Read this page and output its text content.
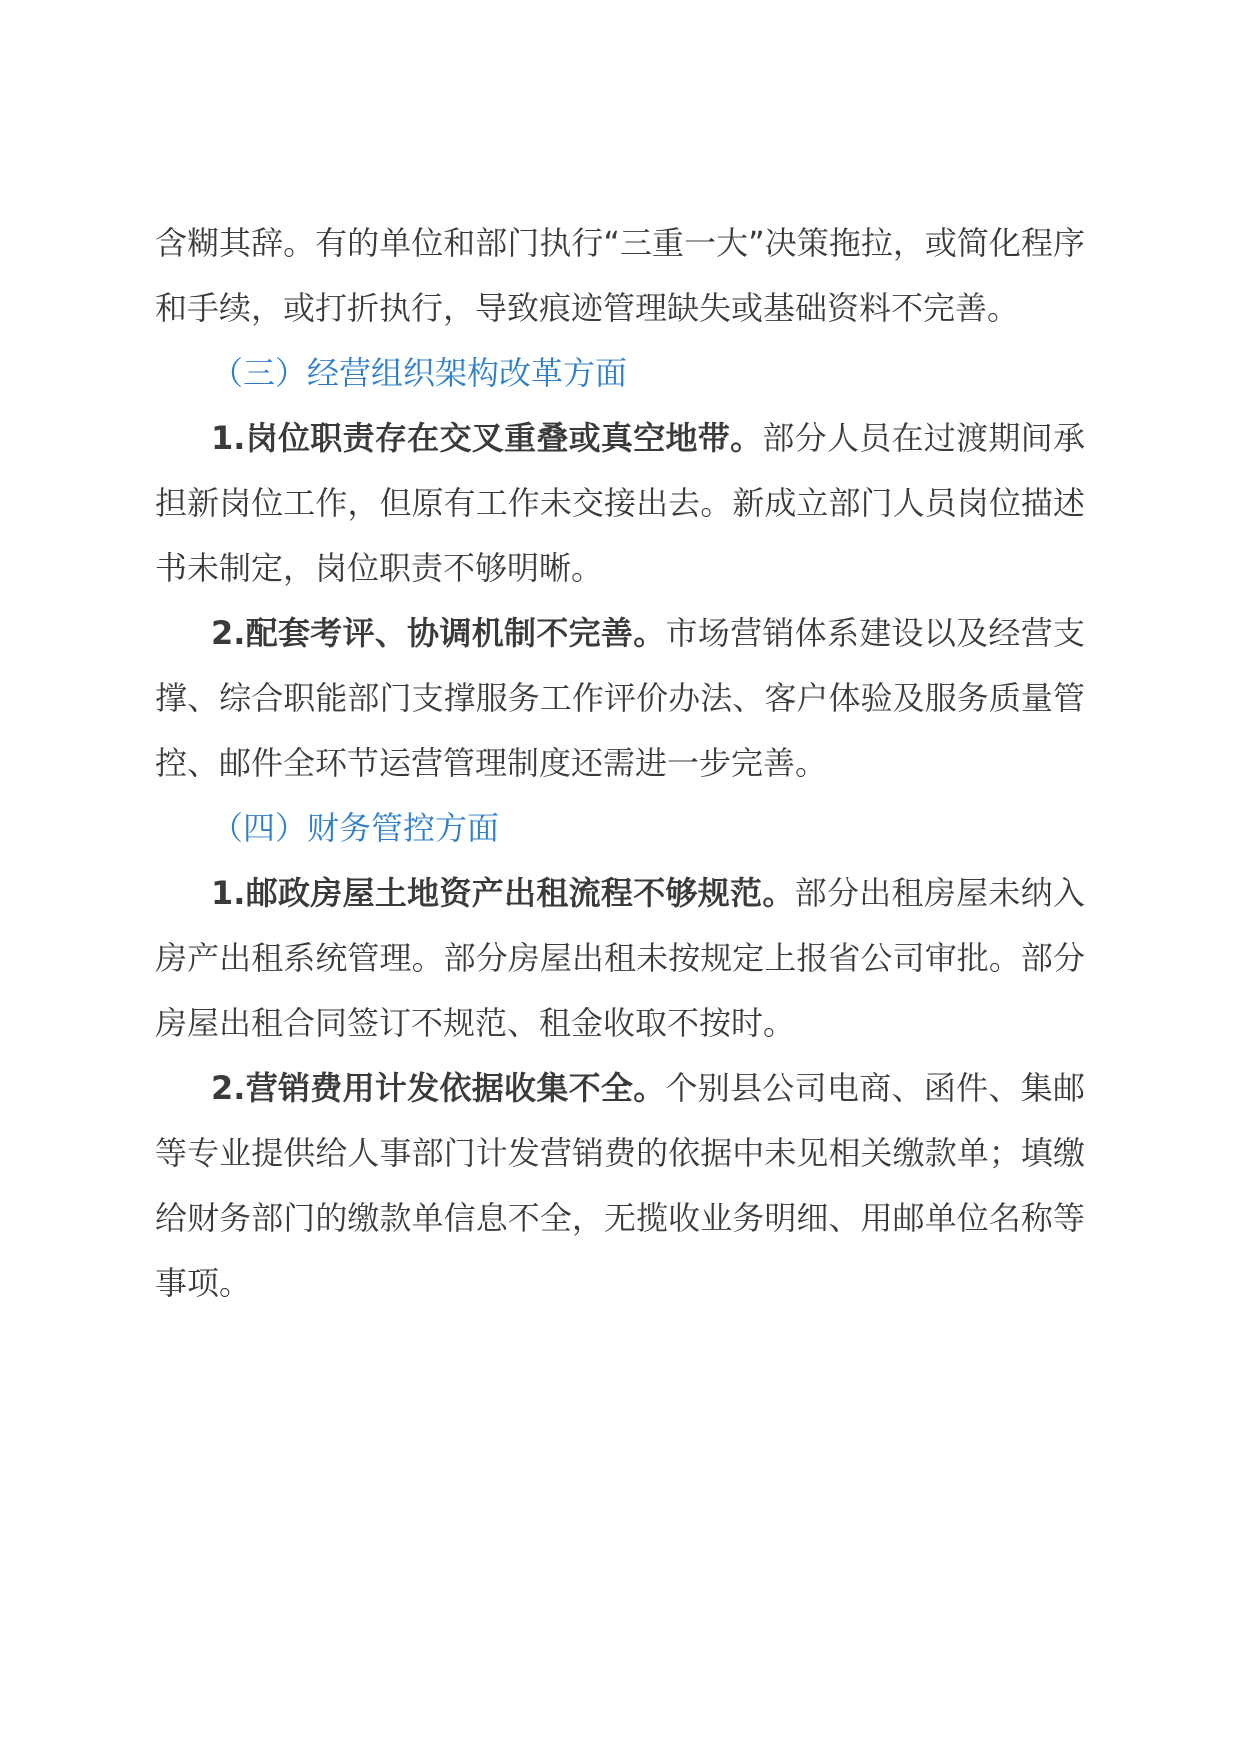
含糊其辞。有的单位和部门执行“三重一大”决策拖拉，或简化程序和手续，或打折执行，导致痕迹管理缺失或基础资料不完善。

（三）经营组织架构改革方面

1.岗位职责存在交叉重叠或真空地带。部分人员在过渡期间承担新岗位工作，但原有工作未交接出去。新成立部门人员岗位描述书未制定，岗位职责不够明晰。

2.配套考评、协调机制不完善。市场营销体系建设以及经营支撑、综合职能部门支撑服务工作评价办法、客户体验及服务质量管控、邮件全环节运营管理制度还需进一步完善。

（四）财务管控方面

1.邮政房屋土地资产出租流程不够规范。部分出租房屋未纳入房产出租系统管理。部分房屋出租未按规定上报省公司审批。部分房屋出租合同签订不规范、租金收取不按时。

2.营销费用计发依据收集不全。个别县公司电商、函件、集邮等专业提供给人事部门计发营销费的依据中未见相关缴款单；填缴给财务部门的缴款单信息不全，无揽收业务明细、用邮单位名称等事项。
